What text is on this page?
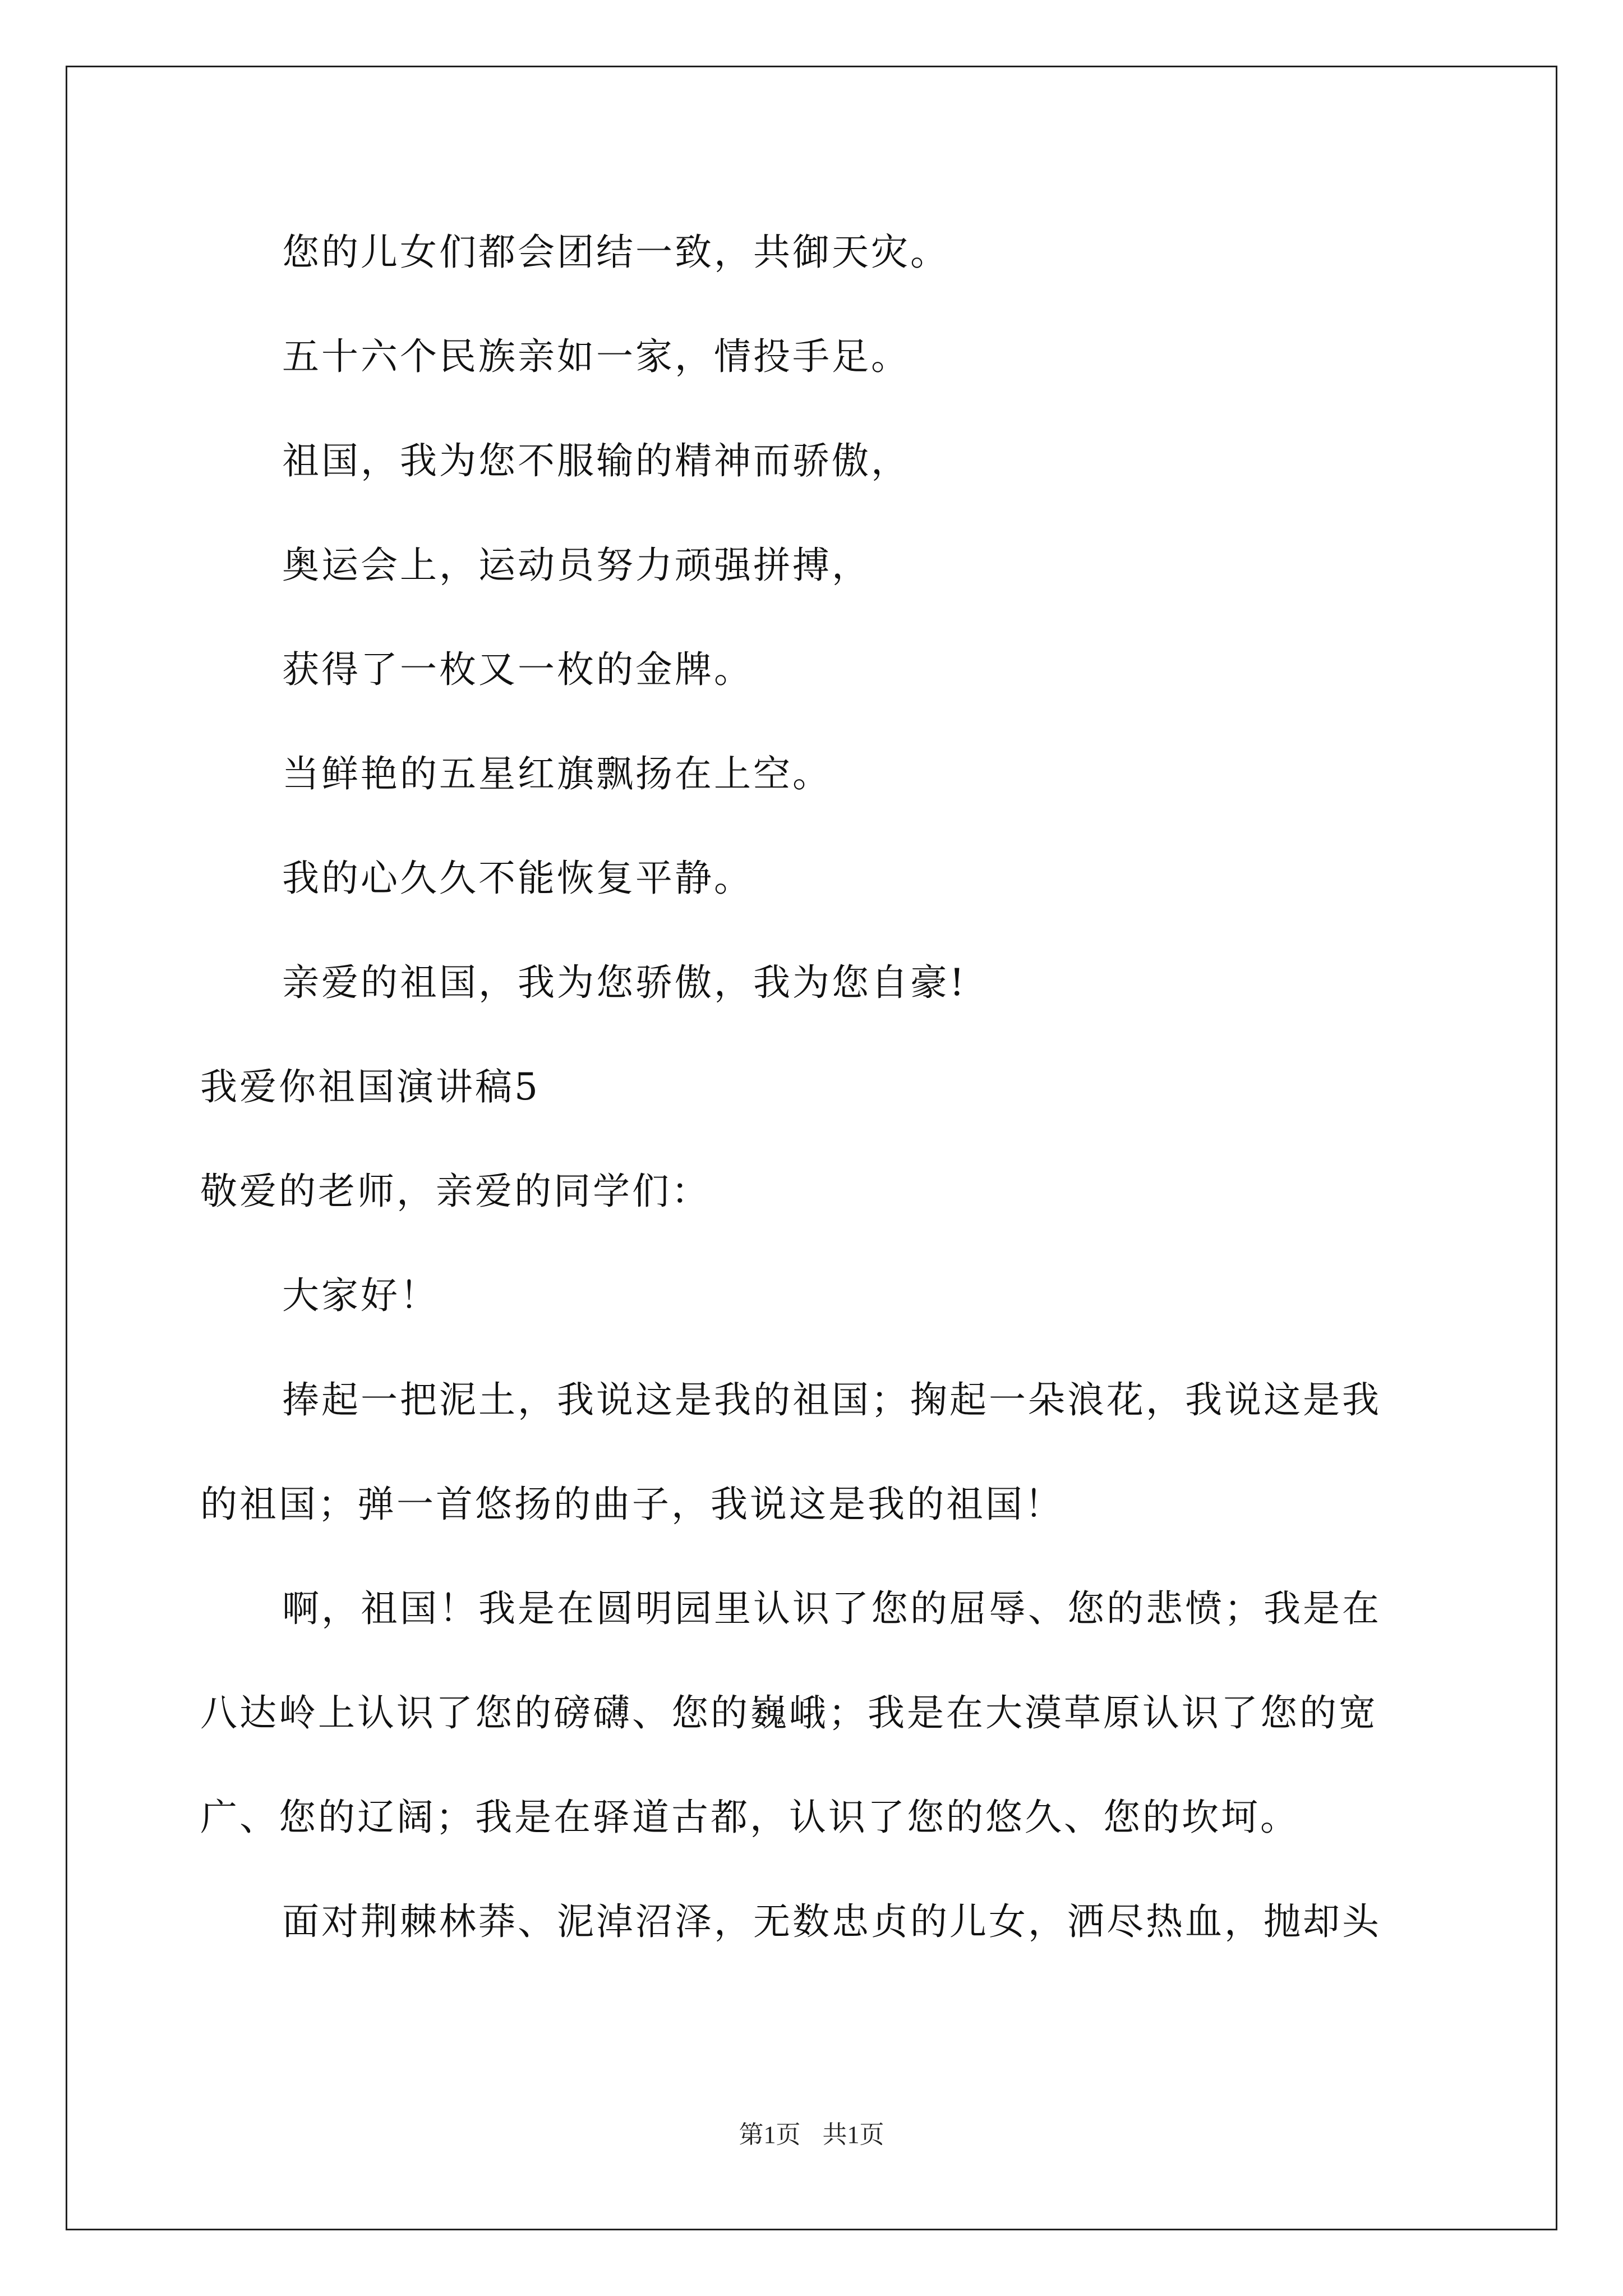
您的儿女们都会团结一致，共御天灾。
五十六个民族亲如一家，情投手足。
祖国，我为您不服输的精神而骄傲，
奥运会上，运动员努力顽强拼搏，
获得了一枚又一枚的金牌。
当鲜艳的五星红旗飘扬在上空。
我的心久久不能恢复平静。
亲爱的祖国，我为您骄傲，我为您自豪!
我爱你祖国演讲稿5
敬爱的老师，亲爱的同学们：
大家好！
捧起一把泥土，我说这是我的祖国；掬起一朵浪花，我说这是我
的祖国；弹一首悠扬的曲子，我说这是我的祖国！
啊，祖国！我是在圆明园里认识了您的屈辱、您的悲愤；我是在
八达岭上认识了您的磅礴、您的巍峨；我是在大漠草原认识了您的宽
广、您的辽阔；我是在驿道古都，认识了您的悠久、您的坎坷。
面对荆棘林莽、泥淖沼泽，无数忠贞的儿女，洒尽热血，抛却头
第1页 共1页
